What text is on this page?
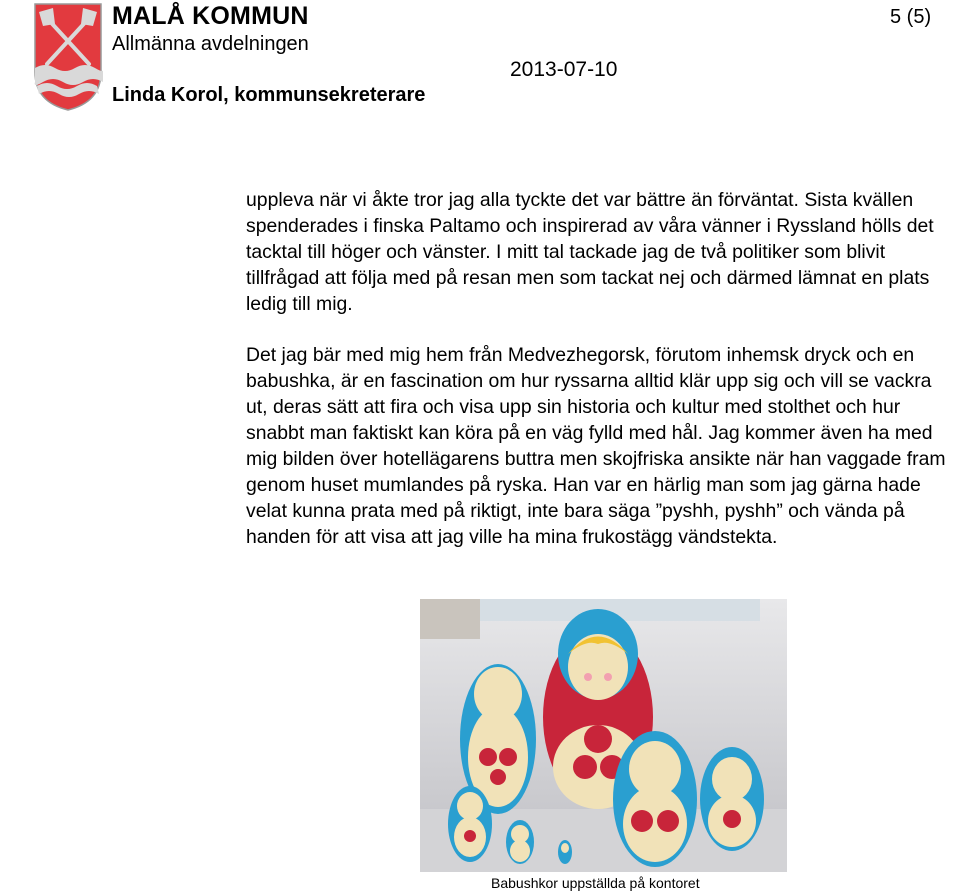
MALÅ KOMMUN
Allmänna avdelningen
Linda Korol, kommunsekreterare
2013-07-10
5 (5)

uppleva när vi åkte tror jag alla tyckte det var bättre än förväntat. Sista kvällen spenderades i finska Paltamo och inspirerad av våra vänner i Ryssland hölls det tacktal till höger och vänster. I mitt tal tackade jag de två politiker som blivit tillfrågad att följa med på resan men som tackat nej och därmed lämnat en plats ledig till mig.

Det jag bär med mig hem från Medvezhegorsk, förutom inhemsk dryck och en babushka, är en fascination om hur ryssarna alltid klär upp sig och vill se vackra ut, deras sätt att fira och visa upp sin historia och kultur med stolthet och hur snabbt man faktiskt kan köra på en väg fylld med hål. Jag kommer även ha med mig bilden över hotellägarens buttra men skojfriska ansikte när han vaggade fram genom huset mumlandes på ryska. Han var en härlig man som jag gärna hade velat kunna prata med på riktigt, inte bara säga ”pyshh, pyshh” och vända på handen för att visa att jag ville ha mina frukostägg vändstekta.

Babushkor uppställda på kontoret
